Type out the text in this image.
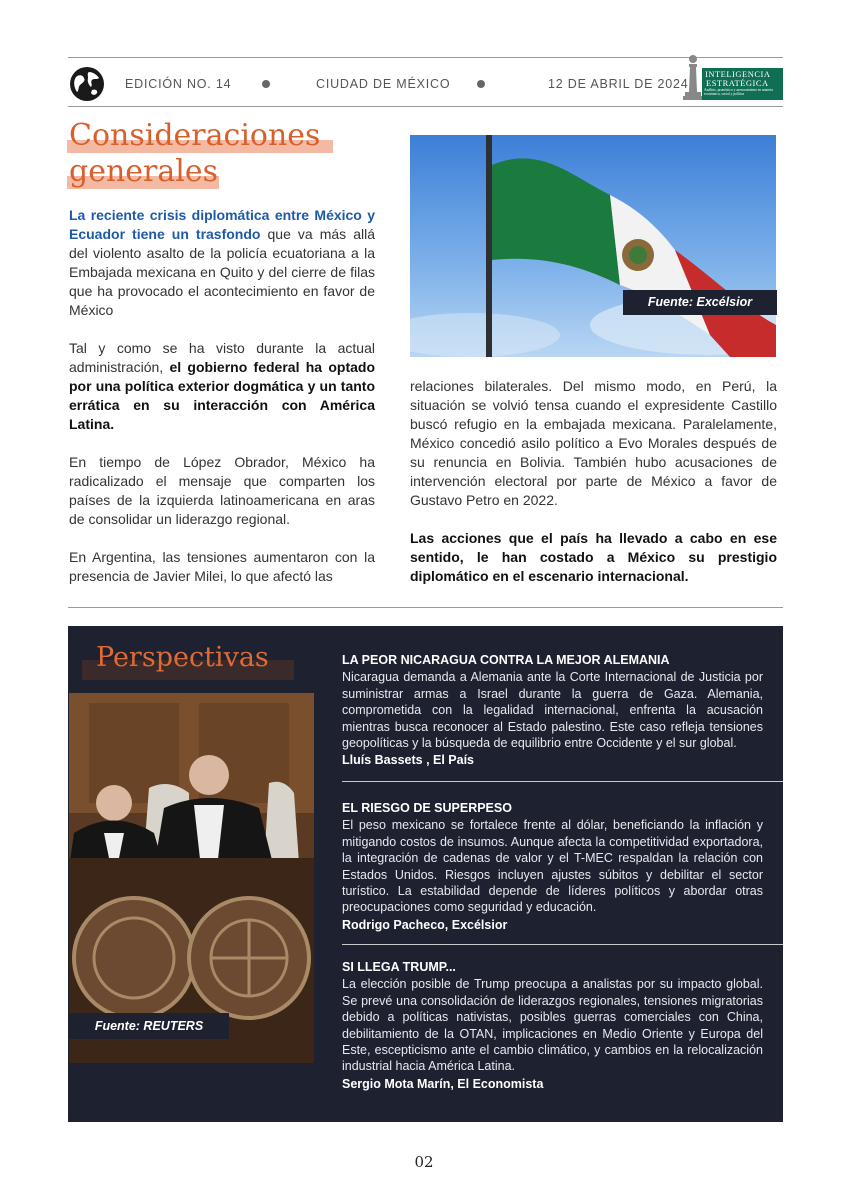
EDICIÓN NO. 14	CIUDAD DE MÉXICO	12 DE ABRIL DE 2024
INTELIGENCIA
ESTRATÉGICA
Análisis, pronóstico y asesoramiento en materia económica, social y política
Consideraciones
generales

La reciente crisis diplomática entre México y Ecuador tiene un trasfondo que va más allá del violento asalto de la policía ecuatoriana a la Embajada mexicana en Quito y del cierre de filas que ha provocado el acontecimiento en favor de México

Tal y como se ha visto durante la actual administración, el gobierno federal ha optado por una política exterior dogmática y un tanto errática en su interacción con América Latina.

En tiempo de López Obrador, México ha radicalizado el mensaje que comparten los países de la izquierda latinoamericana en aras de consolidar un liderazgo regional.

En Argentina, las tensiones aumentaron con la presencia de Javier Milei, lo que afectó las

Fuente: Excélsior

relaciones bilaterales. Del mismo modo, en Perú, la situación se volvió tensa cuando el expresidente Castillo buscó refugio en la embajada mexicana. Paralelamente, México concedió asilo político a Evo Morales después de su renuncia en Bolivia. También hubo acusaciones de intervención electoral por parte de México a favor de Gustavo Petro en 2022.

Las acciones que el país ha llevado a cabo en ese sentido, le han costado a México su prestigio diplomático en el escenario internacional.

Perspectivas
Fuente: REUTERS
LA PEOR NICARAGUA CONTRA LA MEJOR ALEMANIA

Nicaragua demanda a Alemania ante la Corte Internacional de Justicia por suministrar armas a Israel durante la guerra de Gaza. Alemania, comprometida con la legalidad internacional, enfrenta la acusación mientras busca reconocer al Estado palestino. Este caso refleja tensiones geopolíticas y la búsqueda de equilibrio entre Occidente y el sur global.

Lluís Bassets , El País
EL RIESGO DE SUPERPESO

El peso mexicano se fortalece frente al dólar, beneficiando la inflación y mitigando costos de insumos. Aunque afecta la competitividad exportadora, la integración de cadenas de valor y el T-MEC respaldan la relación con Estados Unidos. Riesgos incluyen ajustes súbitos y debilitar el sector turístico. La estabilidad depende de líderes políticos y abordar otras preocupaciones como seguridad y educación.

Rodrigo Pacheco, Excélsior
SI LLEGA TRUMP...

La elección posible de Trump preocupa a analistas por su impacto global. Se prevé una consolidación de liderazgos regionales, tensiones migratorias debido a políticas nativistas, posibles guerras comerciales con China, debilitamiento de la OTAN, implicaciones en Medio Oriente y Europa del Este, escepticismo ante el cambio climático, y cambios en la relocalización industrial hacia América Latina.

Sergio Mota Marín, El Economista
02
